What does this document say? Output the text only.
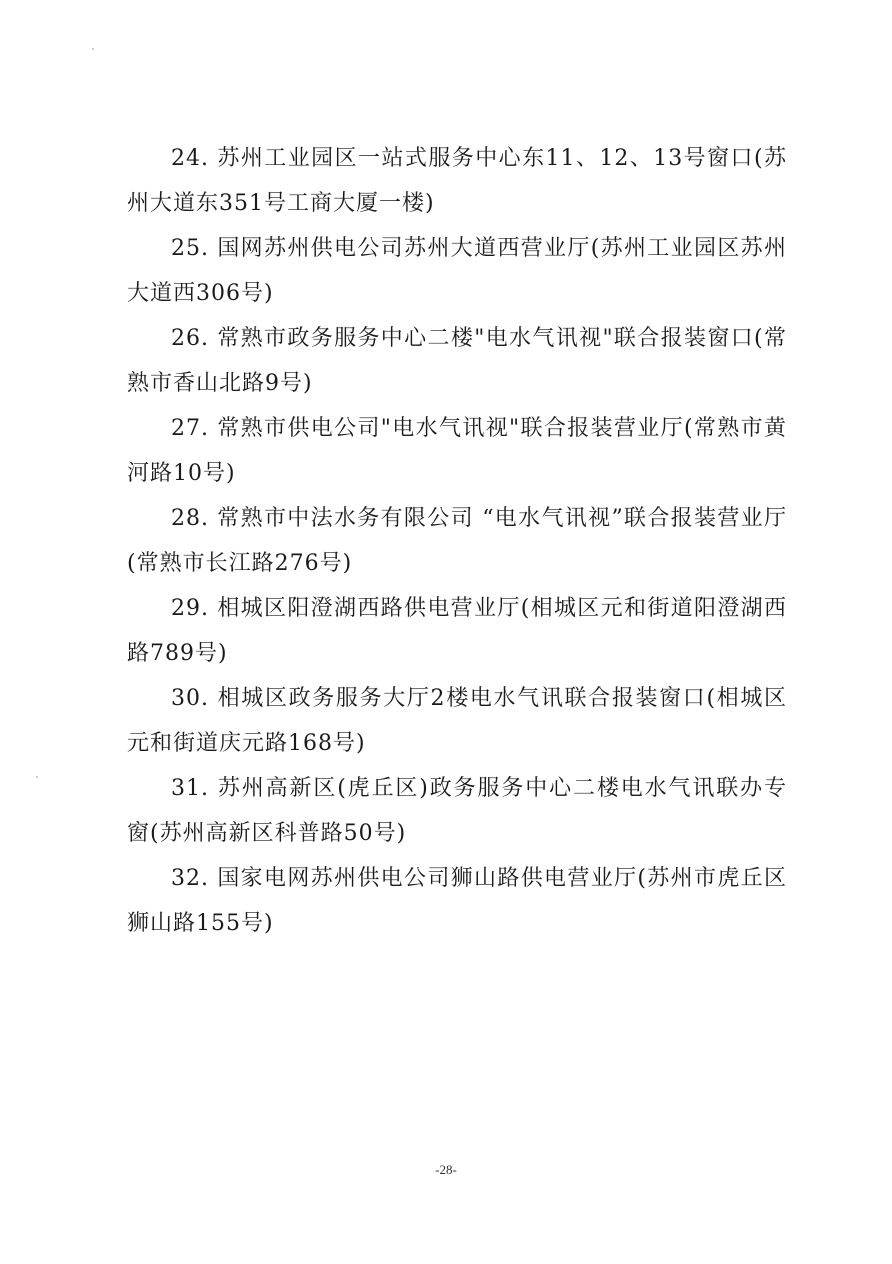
24. 苏州工业园区一站式服务中心东11、12、13号窗口(苏州大道东351号工商大厦一楼)

25. 国网苏州供电公司苏州大道西营业厅(苏州工业园区苏州大道西306号)

26. 常熟市政务服务中心二楼"电水气讯视"联合报装窗口(常熟市香山北路9号)

27. 常熟市供电公司"电水气讯视"联合报装营业厅(常熟市黄河路10号)

28. 常熟市中法水务有限公司 “电水气讯视”联合报装营业厅(常熟市长江路276号)

29. 相城区阳澄湖西路供电营业厅(相城区元和街道阳澄湖西路789号)

30. 相城区政务服务大厅2楼电水气讯联合报装窗口(相城区元和街道庆元路168号)

31. 苏州高新区(虎丘区)政务服务中心二楼电水气讯联办专窗(苏州高新区科普路50号)

32. 国家电网苏州供电公司狮山路供电营业厅(苏州市虎丘区狮山路155号)

-28-
